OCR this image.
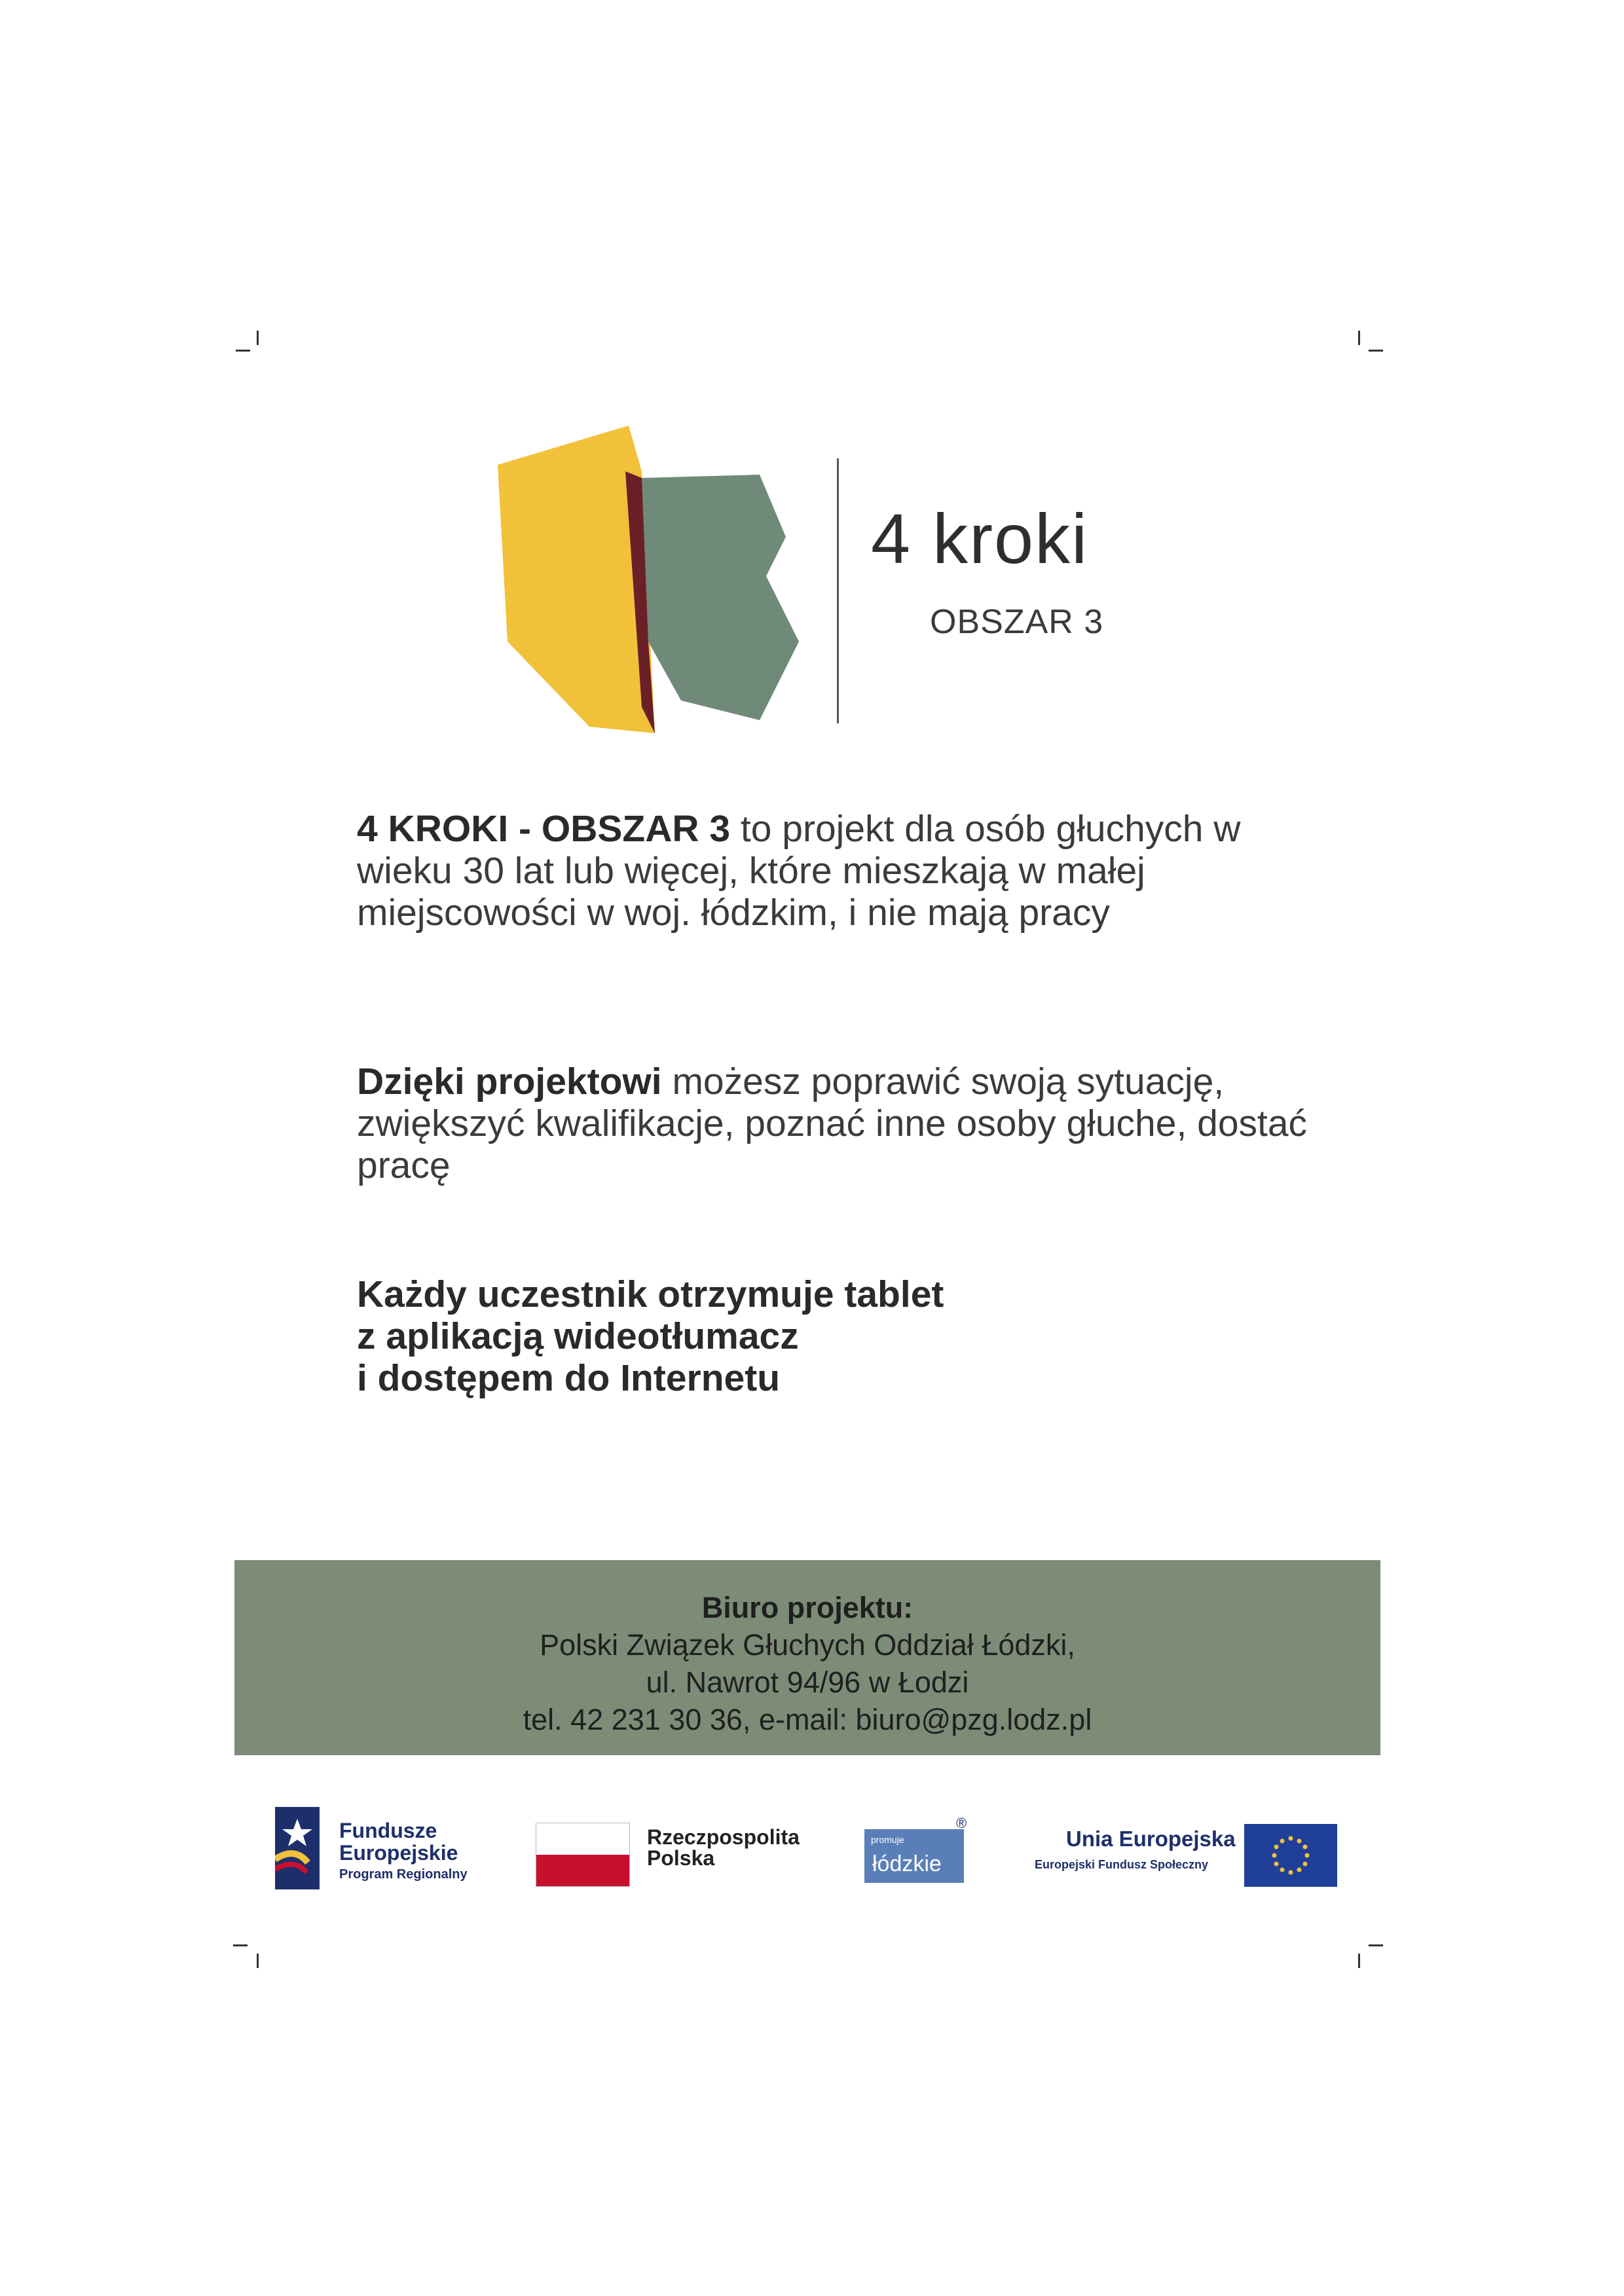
4 kroki
OBSZAR 3
4 KROKI - OBSZAR 3 to projekt dla osób głuchych w wieku 30 lat lub więcej, które mieszkają w małej miejscowości w woj. łódzkim, i nie mają pracy
Dzięki projektowi możesz poprawić swoją sytuację, zwiększyć kwalifikacje, poznać inne osoby głuche, dostać pracę
Każdy uczestnik otrzymuje tablet
z aplikacją wideotłumacz
i dostępem do Internetu
Biuro projektu:
Polski Związek Głuchych Oddział Łódzki,
ul. Nawrot 94/96 w Łodzi
tel. 42 231 30 36, e-mail: biuro@pzg.lodz.pl
Fundusze
Europejskie
Program Regionalny
Rzeczpospolita
Polska
promuje
łódzkie
®
Unia Europejska
Europejski Fundusz Społeczny
